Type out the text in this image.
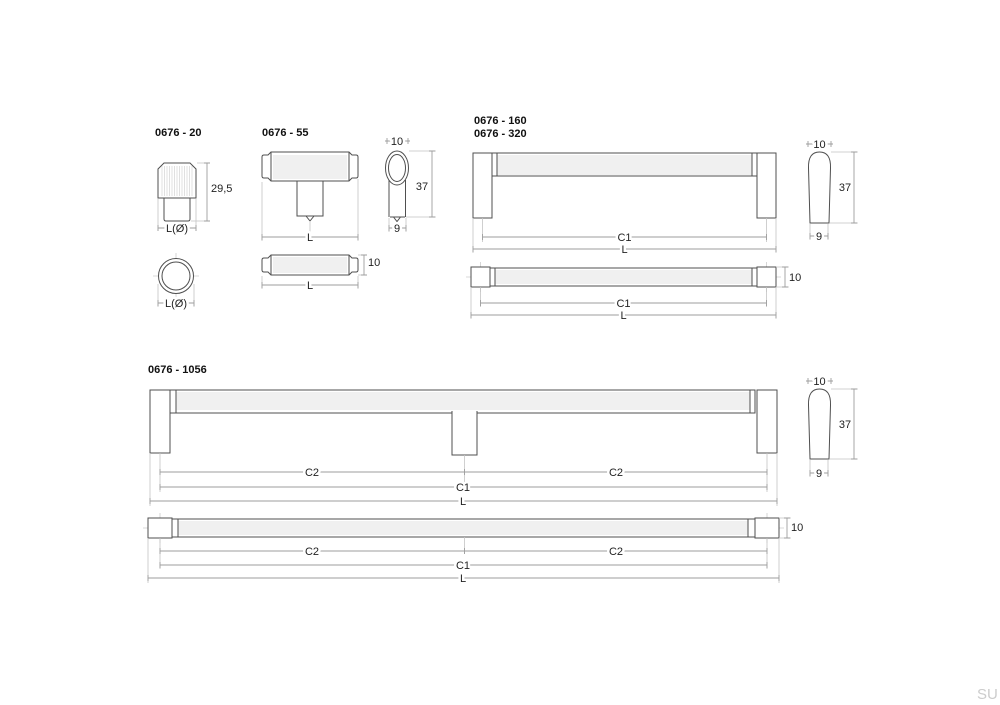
0676 - 20
29,5
L(Ø)
L(Ø)
0676 - 55
L
10
L
10
37
9
0676 - 160
0676 - 320
C1
L
10
C1
L
10
37
9
0676 - 1056
C2	C2
C1
L
10
C2	C2
C1
L
10
37
9
SU
